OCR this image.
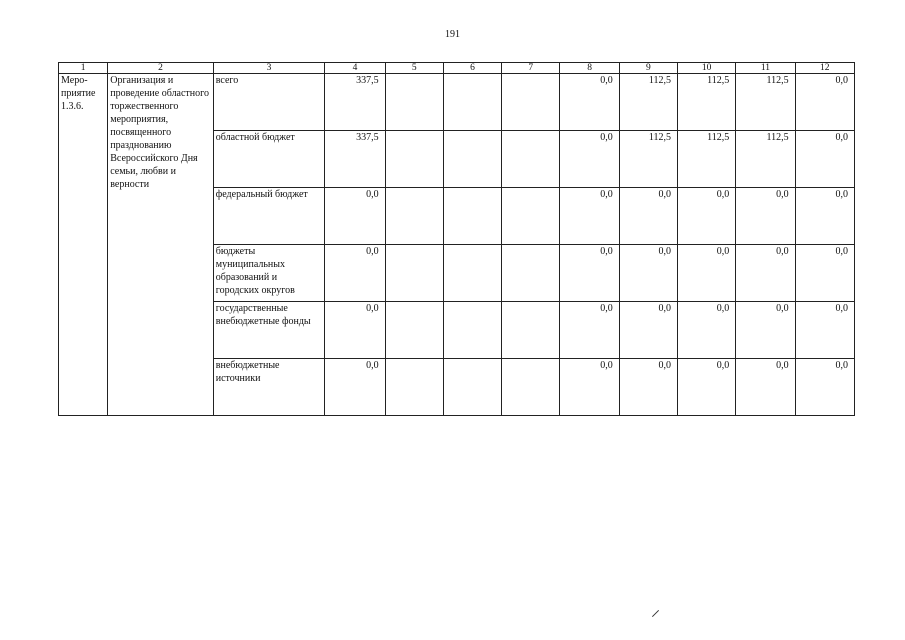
191
1	2	3	4	5	6	7	8	9	10	11	12
Меро-
приятие
1.3.6.	Организация и проведение областного торжественного мероприятия, посвященного празднованию Всероссийского Дня семьи, любви и верности	всего	337,5				0,0	112,5	112,5	112,5	0,0
		областной бюджет	337,5				0,0	112,5	112,5	112,5	0,0
		федеральный бюджет	0,0				0,0	0,0	0,0	0,0	0,0
		бюджеты муниципальных образований и городских округов	0,0				0,0	0,0	0,0	0,0	0,0
		государственные внебюджетные фонды	0,0				0,0	0,0	0,0	0,0	0,0
		внебюджетные источники	0,0				0,0	0,0	0,0	0,0	0,0
